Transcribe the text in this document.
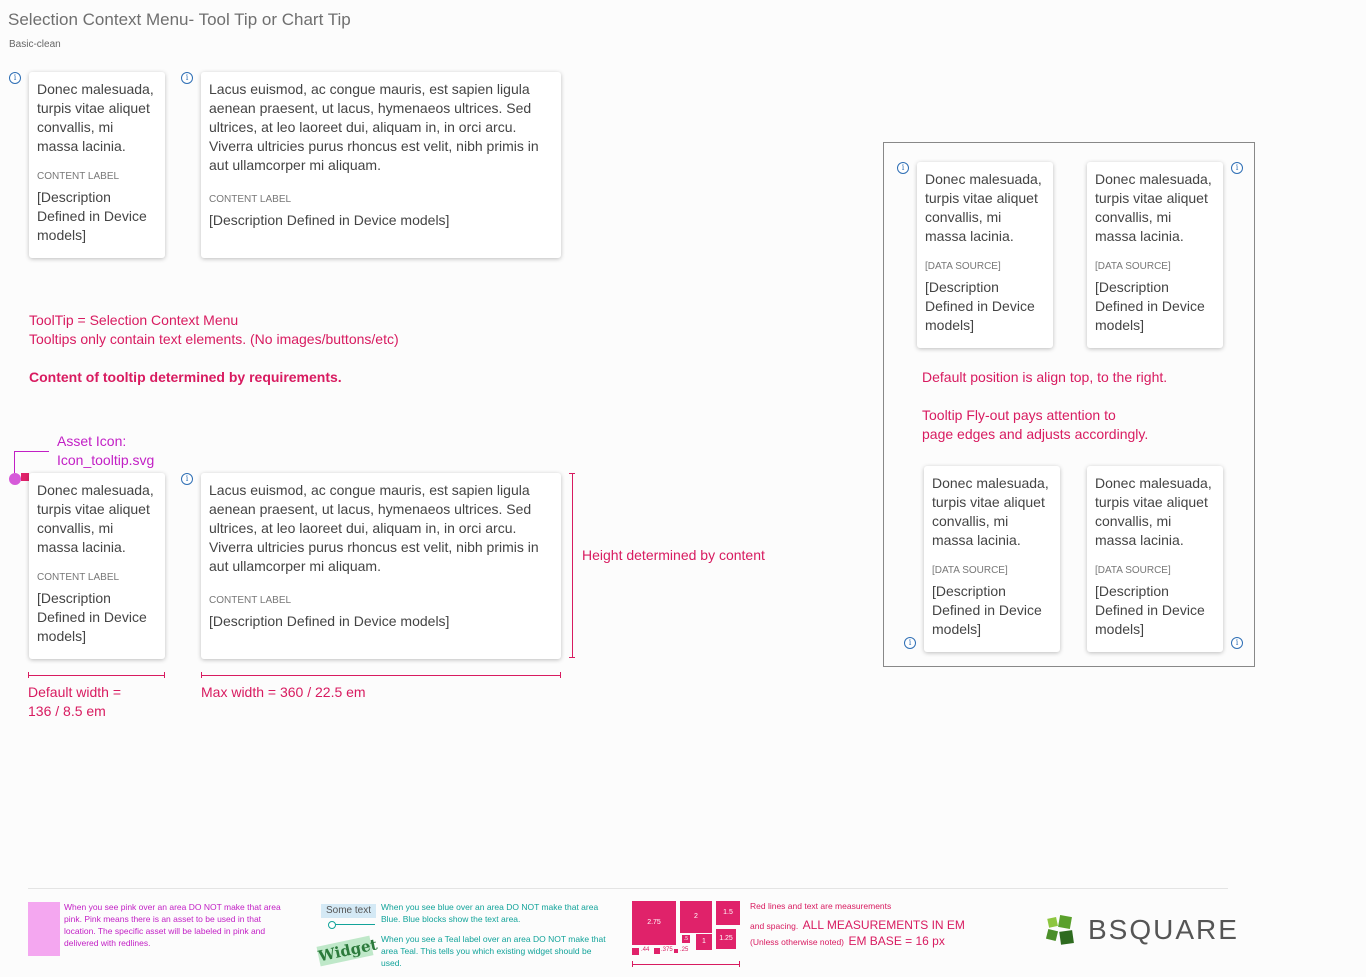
Selection Context Menu- Tool Tip or Chart Tip
Basic-clean
i
Donec malesuada, turpis vitae aliquet convallis, mi massa lacinia.
CONTENT LABEL
[Description Defined in Device models]
i
Lacus euismod, ac congue mauris, est sapien ligula aenean praesent, ut lacus, hymenaeos ultrices. Sed ultrices, at leo laoreet dui, aliquam in, in orci arcu. Viverra ultricies purus rhoncus est velit, nibh primis in aut ullamcorper mi aliquam.
CONTENT LABEL
[Description Defined in Device models]
ToolTip = Selection Context Menu
Tooltips only contain text elements. (No images/buttons/etc)
Content of tooltip determined by requirements.
Asset Icon:
Icon_tooltip.svg
Donec malesuada, turpis vitae aliquet convallis, mi massa lacinia.
CONTENT LABEL
[Description Defined in Device models]
i
Lacus euismod, ac congue mauris, est sapien ligula aenean praesent, ut lacus, hymenaeos ultrices. Sed ultrices, at leo laoreet dui, aliquam in, in orci arcu. Viverra ultricies purus rhoncus est velit, nibh primis in aut ullamcorper mi aliquam.
CONTENT LABEL
[Description Defined in Device models]
Height determined by content
Default width =
136 / 8.5 em
Max width = 360 / 22.5 em
i
Donec malesuada, turpis vitae aliquet convallis, mi massa lacinia.
[DATA SOURCE]
[Description Defined in Device models]
Donec malesuada, turpis vitae aliquet convallis, mi massa lacinia.
[DATA SOURCE]
[Description Defined in Device models]
i
Default position is align top, to the right.
Tooltip Fly-out pays attention to
page edges and adjusts accordingly.
Donec malesuada, turpis vitae aliquet convallis, mi massa lacinia.
[DATA SOURCE]
[Description Defined in Device models]
i
Donec malesuada, turpis vitae aliquet convallis, mi massa lacinia.
[DATA SOURCE]
[Description Defined in Device models]
i
When you see pink over an area DO NOT make that area pink. Pink means there is an asset to be used in that location. The specific asset will be labeled in pink and delivered with redlines.
Some text	When you see blue over an area DO NOT make that area Blue. Blue blocks show the text area.
Widget When you see a Teal label over an area DO NOT make that area Teal. This tells you which existing widget should be used.
2.75
2
1.5
.5	1	1.25
.44 .375 .25
Red lines and text are measurements
and spacing. ALL MEASUREMENTS IN EM
(Unless otherwise noted) EM BASE = 16 px	BSQUARE
